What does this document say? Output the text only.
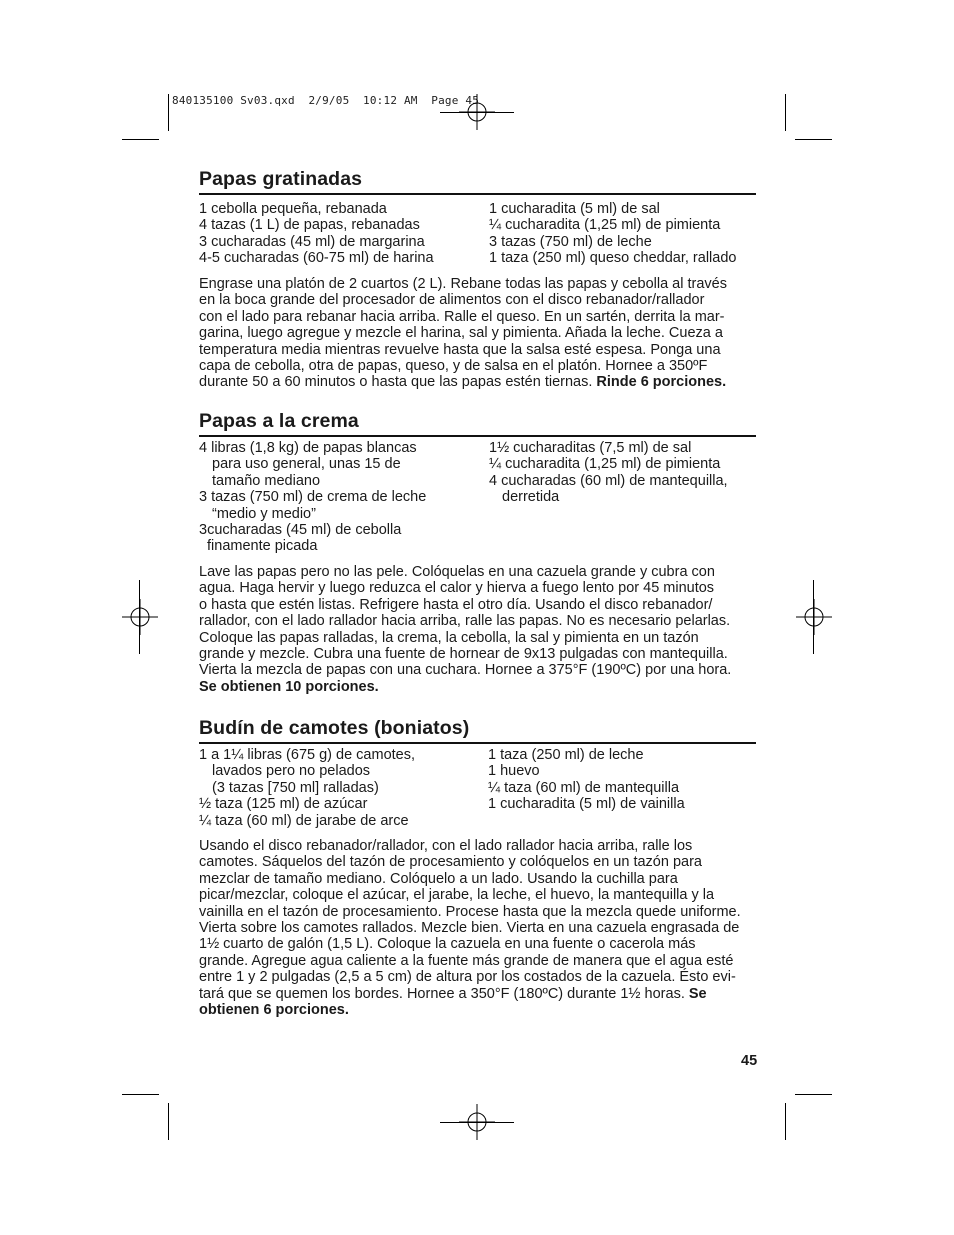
840135100 Sv03.qxd  2/9/05  10:12 AM  Page 45
Papas gratinadas
1 cebolla pequeña, rebanada
4 tazas (1 L) de papas, rebanadas
3 cucharadas (45 ml) de margarina
4-5 cucharadas (60-75 ml) de harina
1 cucharadita (5 ml) de sal
¼ cucharadita (1,25 ml) de pimienta
3 tazas (750 ml) de leche
1 taza (250 ml) queso cheddar, rallado
Engrase una platón de 2 cuartos (2 L). Rebane todas las papas y cebolla al través
en la boca grande del procesador de alimentos con el disco rebanador/rallador
con el lado para rebanar hacia arriba. Ralle el queso. En un sartén, derrita la mar-
garina, luego agregue y mezcle el harina, sal y pimienta. Añada la leche. Cueza a
temperatura media mientras revuelve hasta que la salsa esté espesa. Ponga una
capa de cebolla, otra de papas, queso, y de salsa en el platón. Hornee a 350ºF
durante 50 a 60 minutos o hasta que las papas estén tiernas. Rinde 6 porciones.
Papas a la crema
4 libras (1,8 kg) de papas blancas
para uso general, unas 15 de
tamaño mediano
3 tazas (750 ml) de crema de leche
“medio y medio”
3cucharadas (45 ml) de cebolla
finamente picada
1½ cucharaditas (7,5 ml) de sal
¼ cucharadita (1,25 ml) de pimienta
4 cucharadas (60 ml) de mantequilla,
derretida
Lave las papas pero no las pele. Colóquelas en una cazuela grande y cubra con
agua. Haga hervir y luego reduzca el calor y hierva a fuego lento por 45 minutos
o hasta que estén listas. Refrigere hasta el otro día. Usando el disco rebanador/
rallador, con el lado rallador hacia arriba, ralle las papas. No es necesario pelarlas.
Coloque las papas ralladas, la crema, la cebolla, la sal y pimienta en un tazón
grande y mezcle. Cubra una fuente de hornear de 9x13 pulgadas con mantequilla.
Vierta la mezcla de papas con una cuchara. Hornee a 375°F (190ºC) por una hora.
Se obtienen 10 porciones.
Budín de camotes (boniatos)
1 a 1¼ libras (675 g) de camotes,
lavados pero no pelados
(3 tazas [750 ml] ralladas)
½ taza (125 ml) de azúcar
¼ taza (60 ml) de jarabe de arce
1 taza (250 ml) de leche
1 huevo
¼ taza (60 ml) de mantequilla
1 cucharadita (5 ml) de vainilla
Usando el disco rebanador/rallador, con el lado rallador hacia arriba, ralle los
camotes. Sáquelos del tazón de procesamiento y colóquelos en un tazón para
mezclar de tamaño mediano. Colóquelo a un lado. Usando la cuchilla para
picar/mezclar, coloque el azúcar, el jarabe, la leche, el huevo, la mantequilla y la
vainilla en el tazón de procesamiento. Procese hasta que la mezcla quede uniforme.
Vierta sobre los camotes rallados. Mezcle bien. Vierta en una cazuela engrasada de
1½ cuarto de galón (1,5 L). Coloque la cazuela en una fuente o cacerola más
grande. Agregue agua caliente a la fuente más grande de manera que el agua esté
entre 1 y 2 pulgadas (2,5 a 5 cm) de altura por los costados de la cazuela. Ésto evi-
tará que se quemen los bordes. Hornee a 350°F (180ºC) durante 1½ horas. Se obtienen 6 porciones.
45
